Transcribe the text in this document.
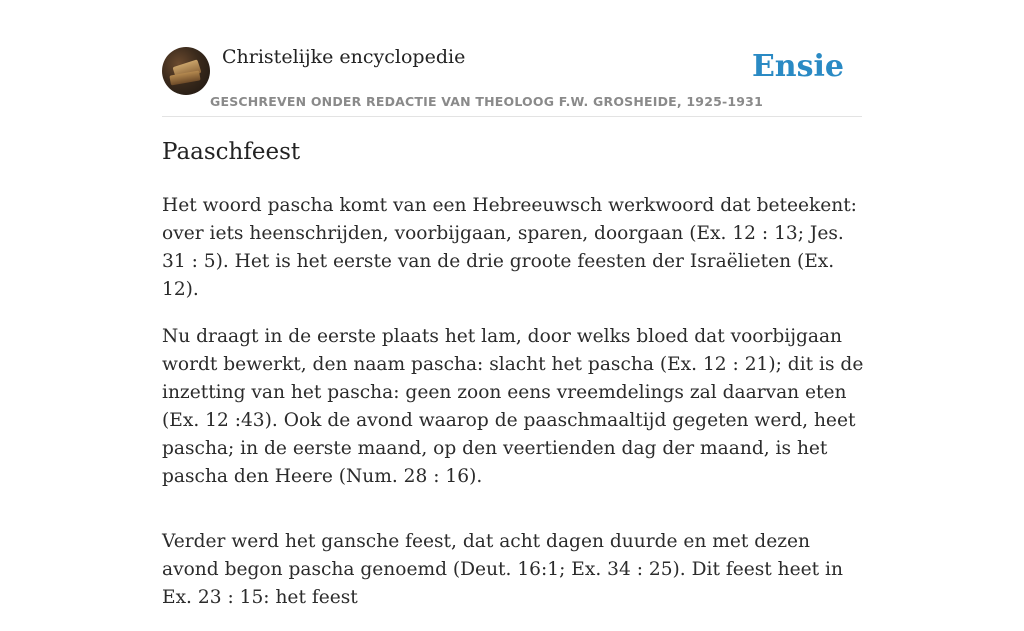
Christelijke encyclopedie
GESCHREVEN ONDER REDACTIE VAN THEOLOOG F.W. GROSHEIDE, 1925-1931
Ensie
Paaschfeest

Het woord pascha komt van een Hebreeuwsch werkwoord dat beteekent: over iets heenschrijden, voorbijgaan, sparen, doorgaan (Ex. 12 : 13; Jes. 31 : 5). Het is het eerste van de drie groote feesten der Israëlieten (Ex. 12).

Nu draagt in de eerste plaats het lam, door welks bloed dat voorbijgaan wordt bewerkt, den naam pascha: slacht het pascha (Ex. 12 : 21); dit is de inzetting van het pascha: geen zoon eens vreemdelings zal daarvan eten (Ex. 12 :43). Ook de avond waarop de paaschmaaltijd gegeten werd, heet pascha; in de eerste maand, op den veertienden dag der maand, is het pascha den Heere (Num. 28 : 16).

Verder werd het gansche feest, dat acht dagen duurde en met dezen avond begon pascha genoemd (Deut. 16:1; Ex. 34 : 25). Dit feest heet in Ex. 23 : 15: het feest
